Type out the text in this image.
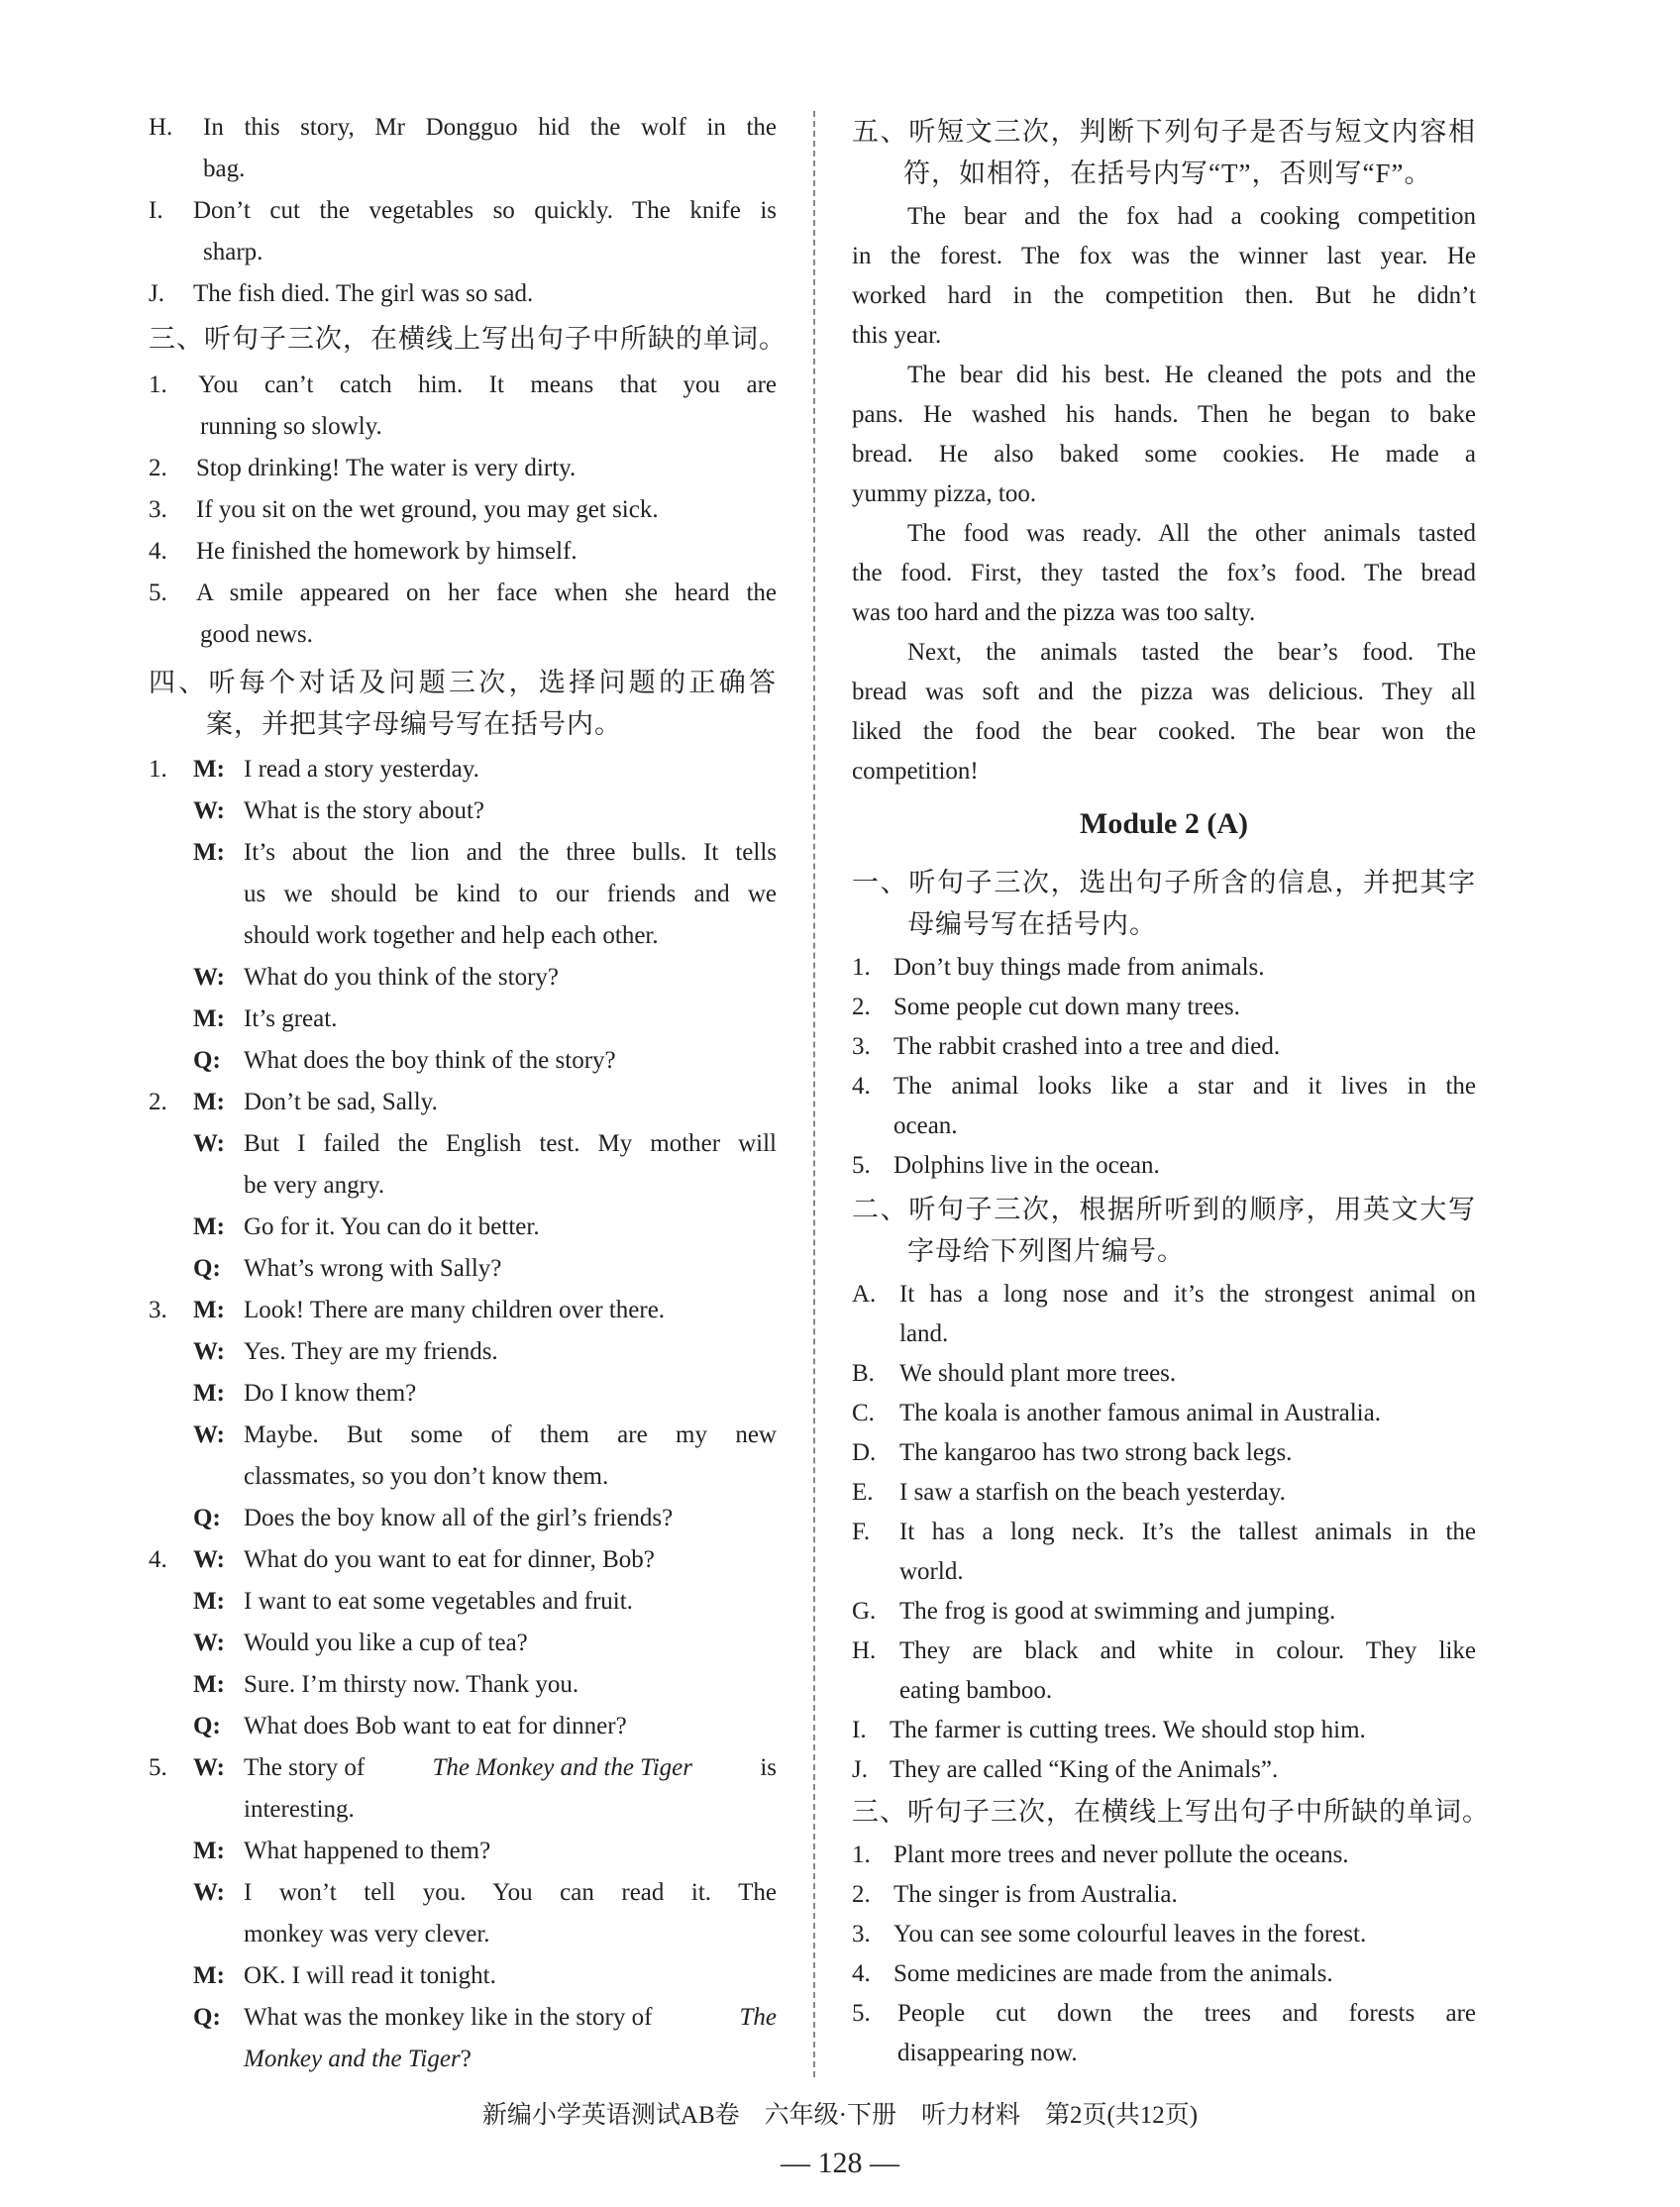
H. In this story, Mr Dongguo hid the wolf in the
bag.
I. Don’t cut the vegetables so quickly. The knife is
sharp.
J. The fish died. The girl was so sad.
三、听句子三次，在横线上写出句子中所缺的单词。
1. You can’t catch him. It means that you are
running so slowly.
2. Stop drinking! The water is very dirty.
3. If you sit on the wet ground, you may get sick.
4. He finished the homework by himself.
5. A smile appeared on her face when she heard the
good news.
四、听每个对话及问题三次，选择问题的正确答
案，并把其字母编号写在括号内。
1. M: I read a story yesterday.
W: What is the story about?
M: It’s about the lion and the three bulls. It tells
us we should be kind to our friends and we
should work together and help each other.
W: What do you think of the story?
M: It’s great.
Q: What does the boy think of the story?
2. M: Don’t be sad, Sally.
W: But I failed the English test. My mother will
be very angry.
M: Go for it. You can do it better.
Q: What’s wrong with Sally?
3. M: Look! There are many children over there.
W: Yes. They are my friends.
M: Do I know them?
W: Maybe. But some of them are my new
classmates, so you don’t know them.
Q: Does the boy know all of the girl’s friends?
4. W: What do you want to eat for dinner, Bob?
M: I want to eat some vegetables and fruit.
W: Would you like a cup of tea?
M: Sure. I’m thirsty now. Thank you.
Q: What does Bob want to eat for dinner?
5. W: The story of	The Monkey and the Tiger	is
interesting.
M: What happened to them?
W: I won’t tell you. You can read it. The
monkey was very clever.
M: OK. I will read it tonight.
Q: What was the monkey like in the story of	The
Monkey and the Tiger?
五、听短文三次，判断下列句子是否与短文内容相
符，如相符，在括号内写“T”，否则写“F”。
The bear and the fox had a cooking competition
in the forest. The fox was the winner last year. He
worked hard in the competition then. But he didn’t
this year.
The bear did his best. He cleaned the pots and the
pans. He washed his hands. Then he began to bake
bread. He also baked some cookies. He made a
yummy pizza, too.
The food was ready. All the other animals tasted
the food. First, they tasted the fox’s food. The bread
was too hard and the pizza was too salty.
Next, the animals tasted the bear’s food. The
bread was soft and the pizza was delicious. They all
liked the food the bear cooked. The bear won the
competition!
Module 2 (A)
一、听句子三次，选出句子所含的信息，并把其字
母编号写在括号内。
1. Don’t buy things made from animals.
2. Some people cut down many trees.
3. The rabbit crashed into a tree and died.
4. The animal looks like a star and it lives in the
ocean.
5. Dolphins live in the ocean.
二、听句子三次，根据所听到的顺序，用英文大写
字母给下列图片编号。
A. It has a long nose and it’s the strongest animal on
land.
B. We should plant more trees.
C. The koala is another famous animal in Australia.
D. The kangaroo has two strong back legs.
E. I saw a starfish on the beach yesterday.
F. It has a long neck. It’s the tallest animals in the
world.
G. The frog is good at swimming and jumping.
H. They are black and white in colour. They like
eating bamboo.
I. The farmer is cutting trees. We should stop him.
J. They are called “King of the Animals”.
三、听句子三次，在横线上写出句子中所缺的单词。
1. Plant more trees and never pollute the oceans.
2. The singer is from Australia.
3. You can see some colourful leaves in the forest.
4. Some medicines are made from the animals.
5. People cut down the trees and forests are
disappearing now.
新编小学英语测试AB卷　六年级·下册　听力材料　第2页(共12页)
— 128 —
